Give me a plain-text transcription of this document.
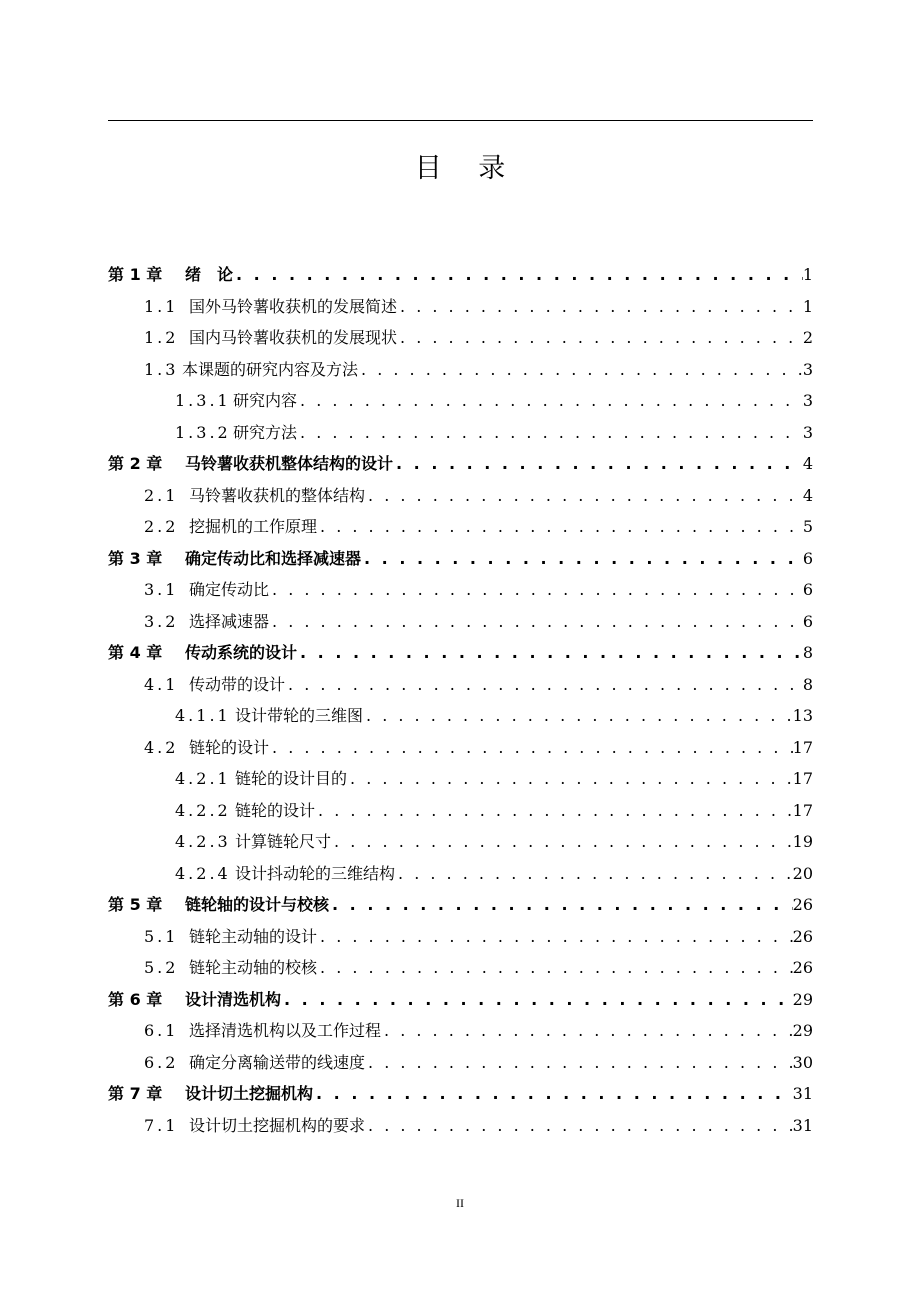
目 录
第 1 章	绪　论 . . .	1
1.1 国外马铃薯收获机的发展简述 . . .	1
1.2 国内马铃薯收获机的发展现状 . . .	2
1.3 本课题的研究内容及方法 . . .	3
1.3.1 研究内容 . . .	3
1.3.2 研究方法 . . .	3
第 2 章	马铃薯收获机整体结构的设计 . . .	4
2.1 马铃薯收获机的整体结构 . . .	4
2.2 挖掘机的工作原理 . . .	5
第 3 章	确定传动比和选择减速器 . . .	6
3.1 确定传动比 . . .	6
3.2 选择减速器 . . .	6
第 4 章	传动系统的设计 . . .	8
4.1 传动带的设计 . . .	8
4.1.1 设计带轮的三维图 . . .	13
4.2 链轮的设计 . . .	17
4.2.1 链轮的设计目的 . . .	17
4.2.2 链轮的设计 . . .	17
4.2.3 计算链轮尺寸 . . .	19
4.2.4 设计抖动轮的三维结构 . . .	20
第 5 章	链轮轴的设计与校核 . . .	26
5.1 链轮主动轴的设计 . . .	26
5.2 链轮主动轴的校核 . . .	26
第 6 章	设计清选机构 . . .	29
6.1 选择清选机构以及工作过程 . . .	29
6.2 确定分离输送带的线速度 . . .	30
第 7 章	设计切土挖掘机构 . . .	31
7.1 设计切土挖掘机构的要求 . . .	31
II
